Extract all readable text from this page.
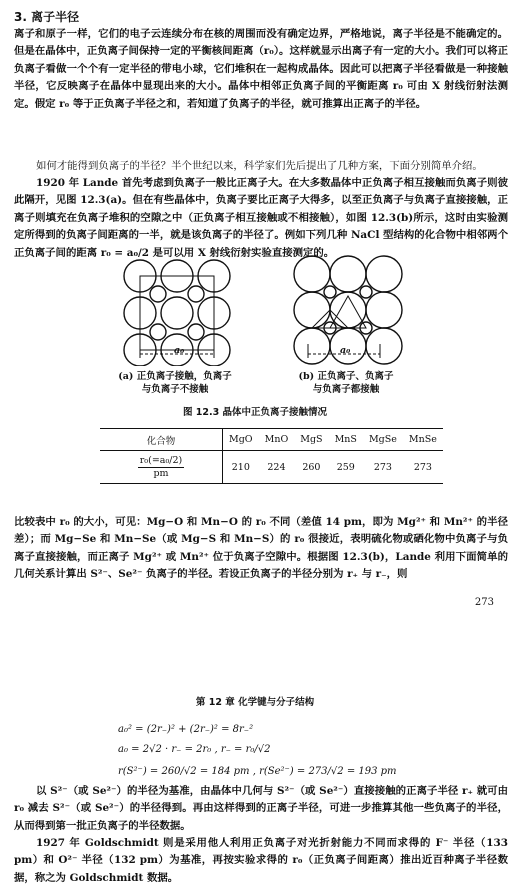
3. 离子半径

离子和原子一样，它们的电子云连续分布在核的周围而没有确定边界，严格地说，离子半径是不能确定的。但是在晶体中，正负离子间保持一定的平衡核间距离（r₀）。这样就显示出离子有一定的大小。我们可以将正负离子看做一个个有一定半径的带电小球，它们堆积在一起构成晶体。因此可以把离子半径看做是一种接触半径，它反映离子在晶体中显现出来的大小。晶体中相邻正负离子间的平衡距离 r₀ 可由 X 射线衍射法测定。假定 r₀ 等于正负离子半径之和，若知道了负离子的半径，就可推算出正离子的半径。

如何才能得到负离子的半径？半个世纪以来，科学家们先后提出了几种方案，下面分别简单介绍。

1920 年 Lande 首先考虑到负离子一般比正离子大。在大多数晶体中正负离子相互接触而负离子则彼此隔开，见图 12.3(a)。但在有些晶体中，负离子要比正离子大得多，以至正负离子与负离子直接接触，正离子则填充在负离子堆积的空隙之中（正负离子相互接触或不相接触），如图 12.3(b)所示，这时由实验测定所得到的负离子间距离的一半，就是该负离子的半径了。例如下列几种 NaCl 型结构的化合物中相邻两个正负离子间的距离 r₀ = a₀/2 是可以用 X 射线衍射实验直接测定的。

a₀
(a) 正负离子接触，负离子
与负离子不接触
a₀
(b) 正负离子、负离子
与负离子都接触
图 12.3 晶体中正负离子接触情况
化合物	MgO	MnO	MgS	MnS	MgSe	MnSe

$\frac{\text{r₀(=a₀/2)}}{pm}$	210	224	260	259	273	273

比较表中 r₀ 的大小，可见：Mg−O 和 Mn−O 的 r₀ 不同（差值 14 pm，即为 Mg²⁺ 和 Mn²⁺ 的半径差）；而 Mg−Se 和 Mn−Se（或 Mg−S 和 Mn−S）的 r₀ 很接近，表明硫化物或硒化物中负离子与负离子直接接触，而正离子 Mg²⁺ 或 Mn²⁺ 位于负离子空隙中。根据图 12.3(b)，Lande 利用下面简单的几何关系计算出 S²⁻、Se²⁻ 负离子的半径。若设正负离子的半径分别为 r₊ 与 r₋，则

273
第 12 章 化学键与分子结构
a₀² = (2r₋)² + (2r₋)² = 8r₋²
a₀ = 2√2 · r₋ = 2r₀ , r₋ = r₀/√2
r(S²⁻) = 260/√2 = 184 pm , r(Se²⁻) = 273/√2 = 193 pm

以 S²⁻（或 Se²⁻）的半径为基准，由晶体中几何与 S²⁻（或 Se²⁻）直接接触的正离子半径 r₊ 就可由 r₀ 减去 S²⁻（或 Se²⁻）的半径得到。再由这样得到的正离子半径，可进一步推算其他一些负离子的半径，从而得到第一批正负离子的半径数据。

1927 年 Goldschmidt 则是采用他人利用正负离子对光折射能力不同而求得的 F⁻ 半径（133 pm）和 O²⁻ 半径（132 pm）为基准，再按实验求得的 r₀（正负离子间距离）推出近百种离子半径数据，称之为 Goldschmidt 数据。
